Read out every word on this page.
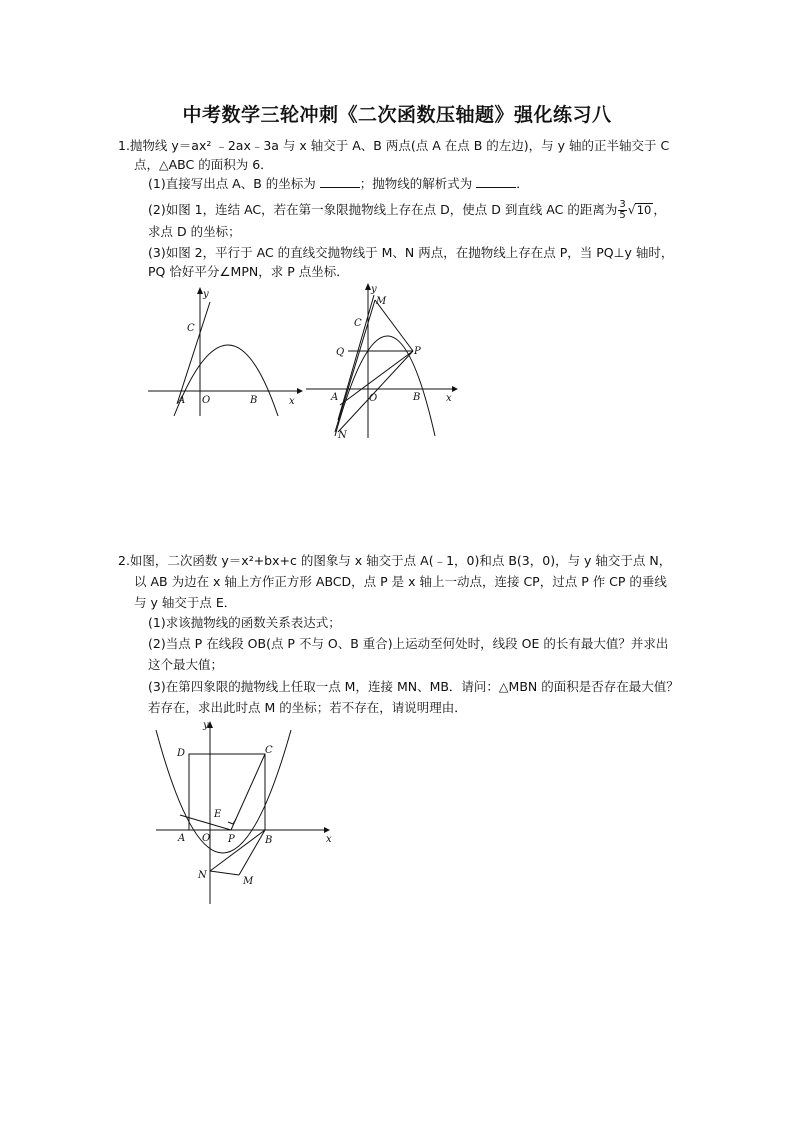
中考数学三轮冲刺《二次函数压轴题》强化练习八
1.抛物线 y＝ax² ﹣2ax﹣3a 与 x 轴交于 A、B 两点(点 A 在点 B 的左边)，与 y 轴的正半轴交于 C
点，△ABC 的面积为 6．
(1)直接写出点 A、B 的坐标为	；抛物线的解析式为	．
(2)如图 1，连结 AC，若在第一象限抛物线上存在点 D，使点 D 到直线 AC 的距离为 $\frac{3}{5} √10$ ，
求点 D 的坐标；
(3)如图 2，平行于 AC 的直线交抛物线于 M、N 两点，在抛物线上存在点 P，当 PQ⊥y 轴时，
PQ 恰好平分∠MPN，求 P 点坐标．
y
x
C
A O	B
y
x
M
C
Q	P
A	O	B
N
2.如图，二次函数 y＝x²+bx+c 的图象与 x 轴交于点 A(﹣1，0)和点 B(3，0)，与 y 轴交于点 N，
以 AB 为边在 x 轴上方作正方形 ABCD，点 P 是 x 轴上一动点，连接 CP，过点 P 作 CP 的垂线
与 y 轴交于点 E．
(1)求该抛物线的函数关系表达式；
(2)当点 P 在线段 OB(点 P 不与 O、B 重合)上运动至何处时，线段 OE 的长有最大值？并求出
这个最大值；
(3)在第四象限的抛物线上任取一点 M，连接 MN、MB．请问：△MBN 的面积是否存在最大值？
若存在，求出此时点 M 的坐标；若不存在，请说明理由．
y
x
D	C
E
A O P	B
N
M
